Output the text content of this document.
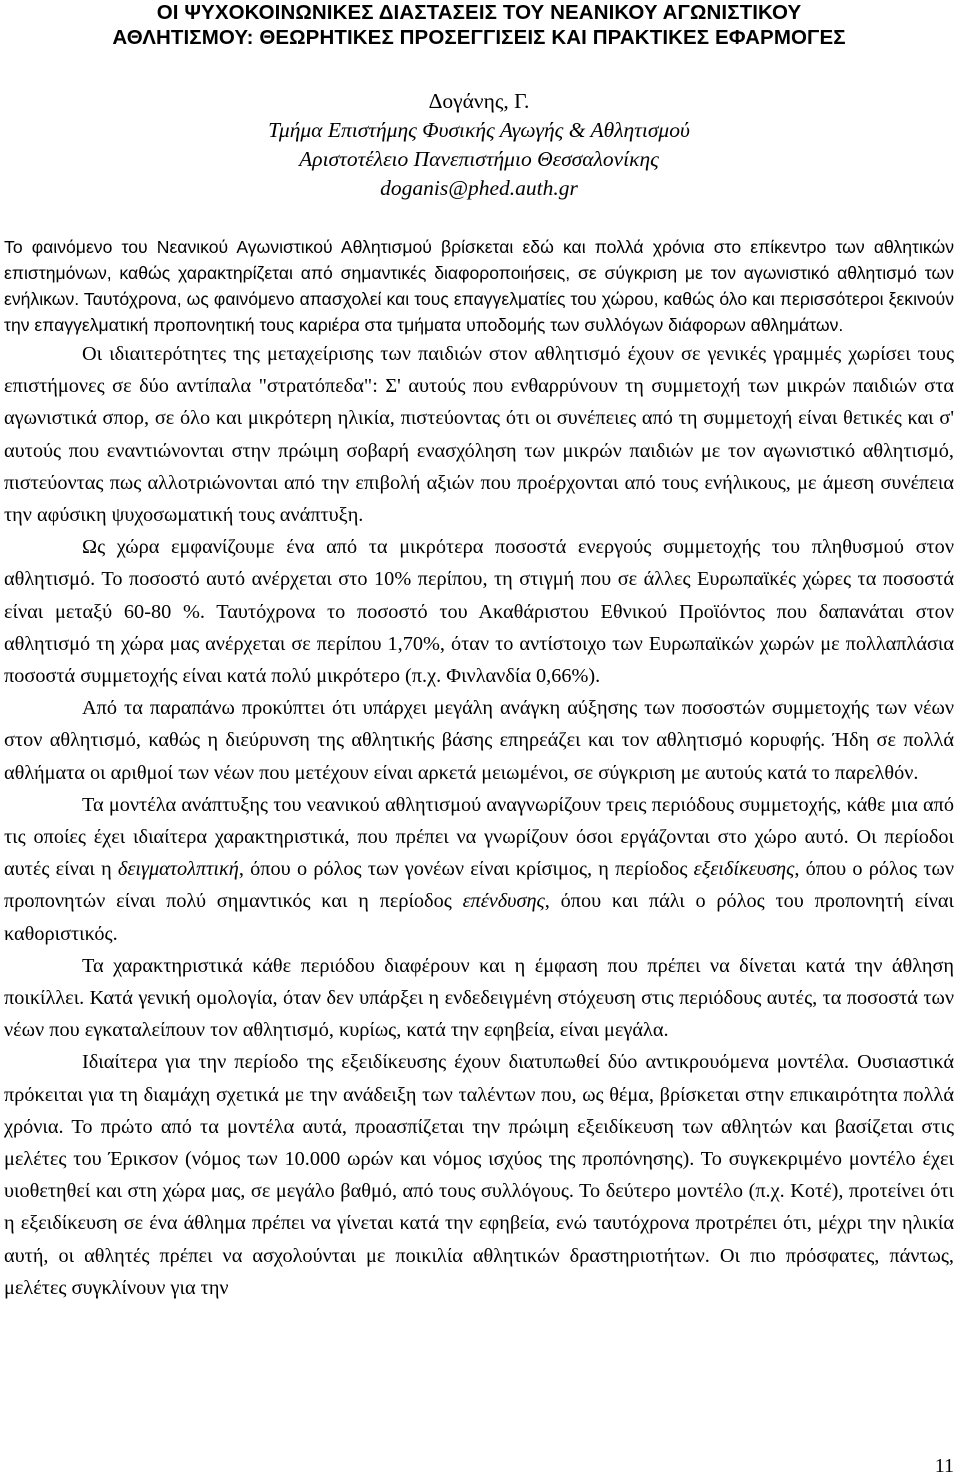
ΟΙ ΨΥΧΟΚΟΙΝΩΝΙΚΕΣ ΔΙΑΣΤΑΣΕΙΣ ΤΟΥ ΝΕΑΝΙΚΟΥ ΑΓΩΝΙΣΤΙΚΟΥ
ΑΘΛΗΤΙΣΜΟΥ: ΘΕΩΡΗΤΙΚΕΣ ΠΡΟΣΕΓΓΙΣΕΙΣ ΚΑΙ ΠΡΑΚΤΙΚΕΣ ΕΦΑΡΜΟΓΕΣ
Δογάνης, Γ.
Τμήμα Επιστήμης Φυσικής Αγωγής & Αθλητισμού
Αριστοτέλειο Πανεπιστήμιο Θεσσαλονίκης
doganis@phed.auth.gr
Το φαινόμενο του Νεανικού Αγωνιστικού Αθλητισμού βρίσκεται εδώ και πολλά χρόνια στο επίκεντρο των αθλητικών επιστημόνων, καθώς χαρακτηρίζεται από σημαντικές διαφοροποιήσεις, σε σύγκριση με τον αγωνιστικό αθλητισμό των ενήλικων. Ταυτόχρονα, ως φαινόμενο απασχολεί και τους επαγγελματίες του χώρου, καθώς όλο και περισσότεροι ξεκινούν την επαγγελματική προπονητική τους καριέρα στα τμήματα υποδομής των συλλόγων διάφορων αθλημάτων.

Οι ιδιαιτερότητες της μεταχείρισης των παιδιών στον αθλητισμό έχουν σε γενικές γραμμές χωρίσει τους επιστήμονες σε δύο αντίπαλα "στρατόπεδα": Σ' αυτούς που ενθαρρύνουν τη συμμετοχή των μικρών παιδιών στα αγωνιστικά σπορ, σε όλο και μικρότερη ηλικία, πιστεύοντας ότι οι συνέπειες από τη συμμετοχή είναι θετικές και σ' αυτούς που εναντιώνονται στην πρώιμη σοβαρή ενασχόληση των μικρών παιδιών με τον αγωνιστικό αθλητισμό, πιστεύοντας πως αλλοτριώνονται από την επιβολή αξιών που προέρχονται από τους ενήλικους, με άμεση συνέπεια την αφύσικη ψυχοσωματική τους ανάπτυξη.

Ως χώρα εμφανίζουμε ένα από τα μικρότερα ποσοστά ενεργούς συμμετοχής του πληθυσμού στον αθλητισμό. Το ποσοστό αυτό ανέρχεται στο 10% περίπου, τη στιγμή που σε άλλες Ευρωπαϊκές χώρες τα ποσοστά είναι μεταξύ 60-80 %. Ταυτόχρονα το ποσοστό του Ακαθάριστου Εθνικού Προϊόντος που δαπανάται στον αθλητισμό τη χώρα μας ανέρχεται σε περίπου 1,70%, όταν το αντίστοιχο των Ευρωπαϊκών χωρών με πολλαπλάσια ποσοστά συμμετοχής είναι κατά πολύ μικρότερο (π.χ. Φινλανδία 0,66%).

Από τα παραπάνω προκύπτει ότι υπάρχει μεγάλη ανάγκη αύξησης των ποσοστών συμμετοχής των νέων στον αθλητισμό, καθώς η διεύρυνση της αθλητικής βάσης επηρεάζει και τον αθλητισμό κορυφής. Ήδη σε πολλά αθλήματα οι αριθμοί των νέων που μετέχουν είναι αρκετά μειωμένοι, σε σύγκριση με αυτούς κατά το παρελθόν.

Τα μοντέλα ανάπτυξης του νεανικού αθλητισμού αναγνωρίζουν τρεις περιόδους συμμετοχής, κάθε μια από τις οποίες έχει ιδιαίτερα χαρακτηριστικά, που πρέπει να γνωρίζουν όσοι εργάζονται στο χώρο αυτό. Οι περίοδοι αυτές είναι η δειγματολπτική, όπου ο ρόλος των γονέων είναι κρίσιμος, η περίοδος εξειδίκευσης, όπου ο ρόλος των προπονητών είναι πολύ σημαντικός και η περίοδος επένδυσης, όπου και πάλι ο ρόλος του προπονητή είναι καθοριστικός.

Τα χαρακτηριστικά κάθε περιόδου διαφέρουν και η έμφαση που πρέπει να δίνεται κατά την άθληση ποικίλλει. Κατά γενική ομολογία, όταν δεν υπάρξει η ενδεδειγμένη στόχευση στις περιόδους αυτές, τα ποσοστά των νέων που εγκαταλείπουν τον αθλητισμό, κυρίως, κατά την εφηβεία, είναι μεγάλα.

Ιδιαίτερα για την περίοδο της εξειδίκευσης έχουν διατυπωθεί δύο αντικρουόμενα μοντέλα. Ουσιαστικά πρόκειται για τη διαμάχη σχετικά με την ανάδειξη των ταλέντων που, ως θέμα, βρίσκεται στην επικαιρότητα πολλά χρόνια. Το πρώτο από τα μοντέλα αυτά, προασπίζεται την πρώιμη εξειδίκευση των αθλητών και βασίζεται στις μελέτες του Έρικσον (νόμος των 10.000 ωρών και νόμος ισχύος της προπόνησης). Το συγκεκριμένο μοντέλο έχει υιοθετηθεί και στη χώρα μας, σε μεγάλο βαθμό, από τους συλλόγους. Το δεύτερο μοντέλο (π.χ. Κοτέ), προτείνει ότι η εξειδίκευση σε ένα άθλημα πρέπει να γίνεται κατά την εφηβεία, ενώ ταυτόχρονα προτρέπει ότι, μέχρι την ηλικία αυτή, οι αθλητές πρέπει να ασχολούνται με ποικιλία αθλητικών δραστηριοτήτων. Οι πιο πρόσφατες, πάντως, μελέτες συγκλίνουν για την

11
